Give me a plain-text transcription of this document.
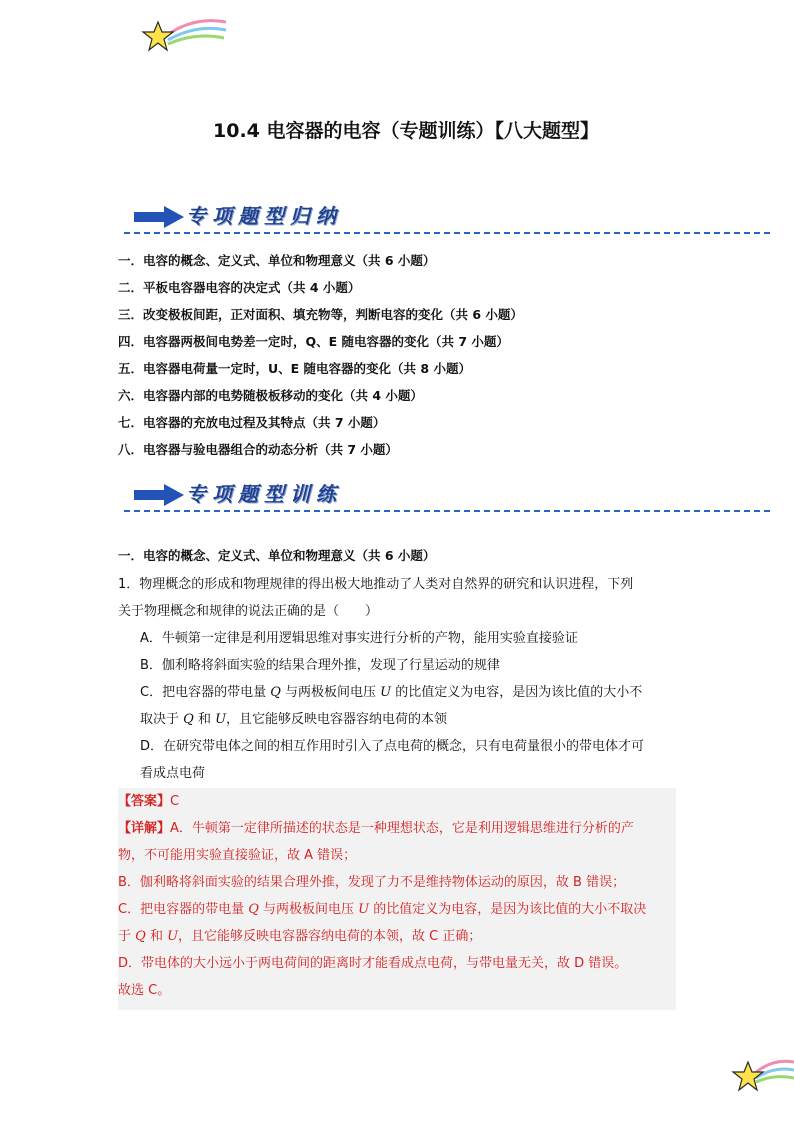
10.4 电容器的电容（专题训练）【八大题型】
专项题型归纳
一．电容的概念、定义式、单位和物理意义（共 6 小题）
二．平板电容器电容的决定式（共 4 小题）
三．改变极板间距，正对面积、填充物等，判断电容的变化（共 6 小题）
四．电容器两极间电势差一定时，Q、E 随电容器的变化（共 7 小题）
五．电容器电荷量一定时，U、E 随电容器的变化（共 8 小题）
六．电容器内部的电势随极板移动的变化（共 4 小题）
七．电容器的充放电过程及其特点（共 7 小题）
八．电容器与验电器组合的动态分析（共 7 小题）
专项题型训练
一．电容的概念、定义式、单位和物理意义（共 6 小题）
1．物理概念的形成和物理规律的得出极大地推动了人类对自然界的研究和认识进程，下列
关于物理概念和规律的说法正确的是（　　）
A．牛顿第一定律是利用逻辑思维对事实进行分析的产物，能用实验直接验证
B．伽利略将斜面实验的结果合理外推，发现了行星运动的规律
C．把电容器的带电量 Q 与两极板间电压 U 的比值定义为电容，是因为该比值的大小不
取决于 Q 和 U，且它能够反映电容器容纳电荷的本领
D．在研究带电体之间的相互作用时引入了点电荷的概念，只有电荷量很小的带电体才可
看成点电荷
【答案】C
【详解】A．牛顿第一定律所描述的状态是一种理想状态，它是利用逻辑思维进行分析的产
物，不可能用实验直接验证，故 A 错误；
B．伽利略将斜面实验的结果合理外推，发现了力不是维持物体运动的原因，故 B 错误；
C．把电容器的带电量 Q 与两极板间电压 U 的比值定义为电容，是因为该比值的大小不取决
于 Q 和 U，且它能够反映电容器容纳电荷的本领，故 C 正确；
D．带电体的大小远小于两电荷间的距离时才能看成点电荷，与带电量无关，故 D 错误。
故选 C。
